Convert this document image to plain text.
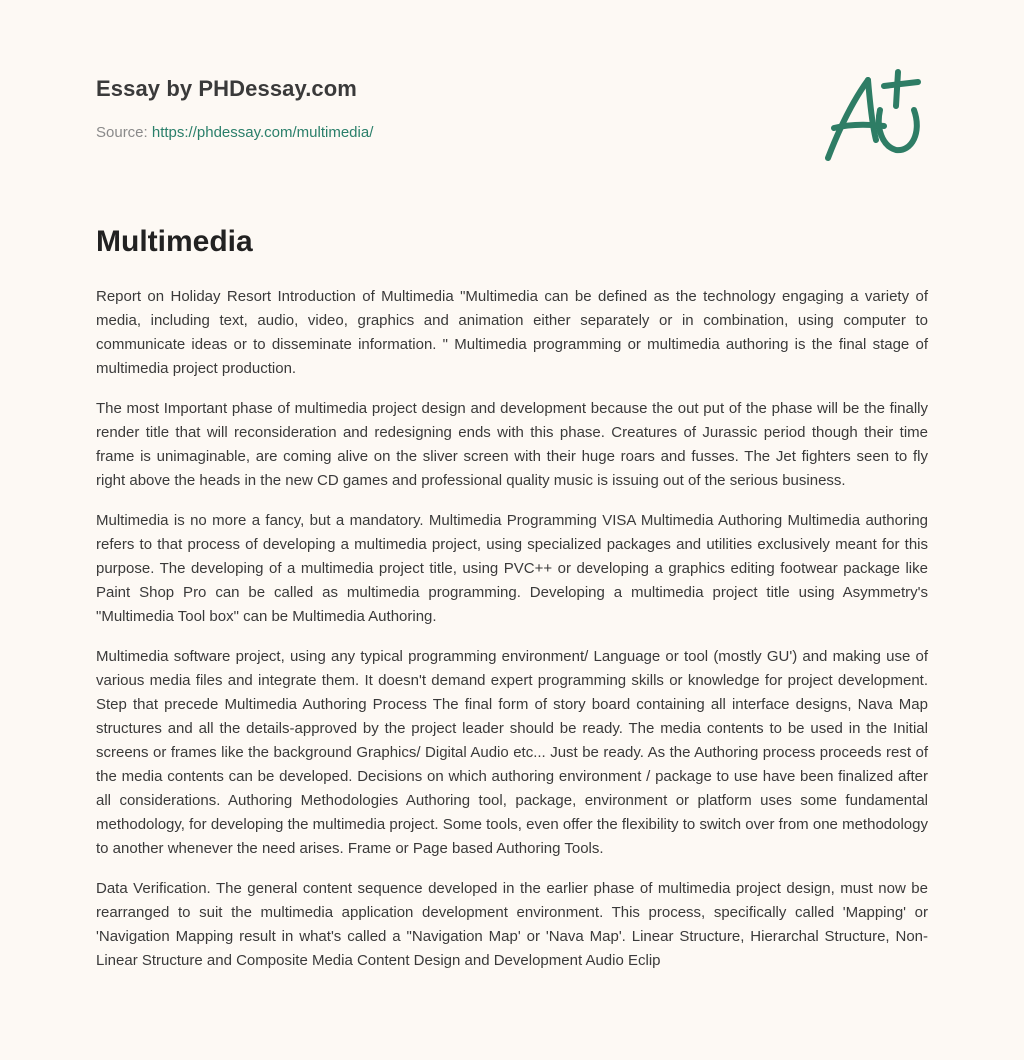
Essay by PHDessay.com
Source: https://phdessay.com/multimedia/
Multimedia

Report on Holiday Resort Introduction of Multimedia "Multimedia can be defined as the technology engaging a variety of media, including text, audio, video, graphics and animation either separately or in combination, using computer to communicate ideas or to disseminate information. " Multimedia programming or multimedia authoring is the final stage of multimedia project production.

The most Important phase of multimedia project design and development because the out put of the phase will be the finally render title that will reconsideration and redesigning ends with this phase. Creatures of Jurassic period though their time frame is unimaginable, are coming alive on the sliver screen with their huge roars and fusses. The Jet fighters seen to fly right above the heads in the new CD games and professional quality music is issuing out of the serious business.

Multimedia is no more a fancy, but a mandatory. Multimedia Programming VISA Multimedia Authoring Multimedia authoring refers to that process of developing a multimedia project, using specialized packages and utilities exclusively meant for this purpose. The developing of a multimedia project title, using PVC++ or developing a graphics editing footwear package like Paint Shop Pro can be called as multimedia programming. Developing a multimedia project title using Asymmetry's "Multimedia Tool box" can be Multimedia Authoring.

Multimedia software project, using any typical programming environment/ Language or tool (mostly GU') and making use of various media files and integrate them. It doesn't demand expert programming skills or knowledge for project development. Step that precede Multimedia Authoring Process The final form of story board containing all interface designs, Nava Map structures and all the details-approved by the project leader should be ready. The media contents to be used in the Initial screens or frames like the background Graphics/ Digital Audio etc... Just be ready. As the Authoring process proceeds rest of the media contents can be developed. Decisions on which authoring environment / package to use have been finalized after all considerations. Authoring Methodologies Authoring tool, package, environment or platform uses some fundamental methodology, for developing the multimedia project. Some tools, even offer the flexibility to switch over from one methodology to another whenever the need arises. Frame or Page based Authoring Tools.

Data Verification. The general content sequence developed in the earlier phase of multimedia project design, must now be rearranged to suit the multimedia application development environment. This process, specifically called 'Mapping' or 'Navigation Mapping result in what's called a "Navigation Map' or 'Nava Map'. Linear Structure, Hierarchal Structure, Non- Linear Structure and Composite Media Content Design and Development Audio Eclip
